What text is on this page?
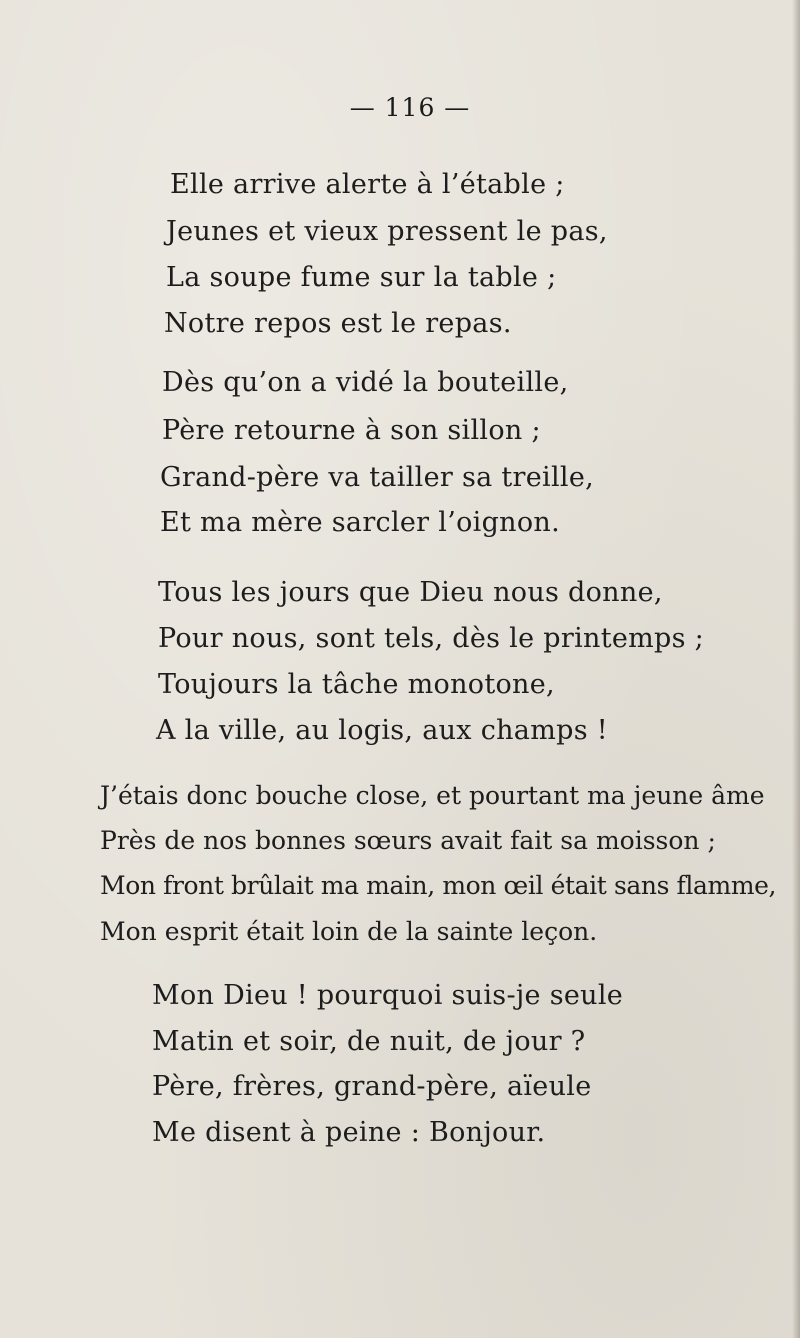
— 116 —
Elle arrive alerte à l’étable ;
Jeunes et vieux pressent le pas,
La soupe fume sur la table ;
Notre repos est le repas.
Dès qu’on a vidé la bouteille,
Père retourne à son sillon ;
Grand-père va tailler sa treille,
Et ma mère sarcler l’oignon.
Tous les jours que Dieu nous donne,
Pour nous, sont tels, dès le printemps ;
Toujours la tâche monotone,
A la ville, au logis, aux champs !
J’étais donc bouche close, et pourtant ma jeune âme
Près de nos bonnes sœurs avait fait sa moisson ;
Mon front brûlait ma main, mon œil était sans flamme,
Mon esprit était loin de la sainte leçon.
Mon Dieu ! pourquoi suis-je seule
Matin et soir, de nuit, de jour ?
Père, frères, grand-père, aïeule
Me disent à peine : Bonjour.
